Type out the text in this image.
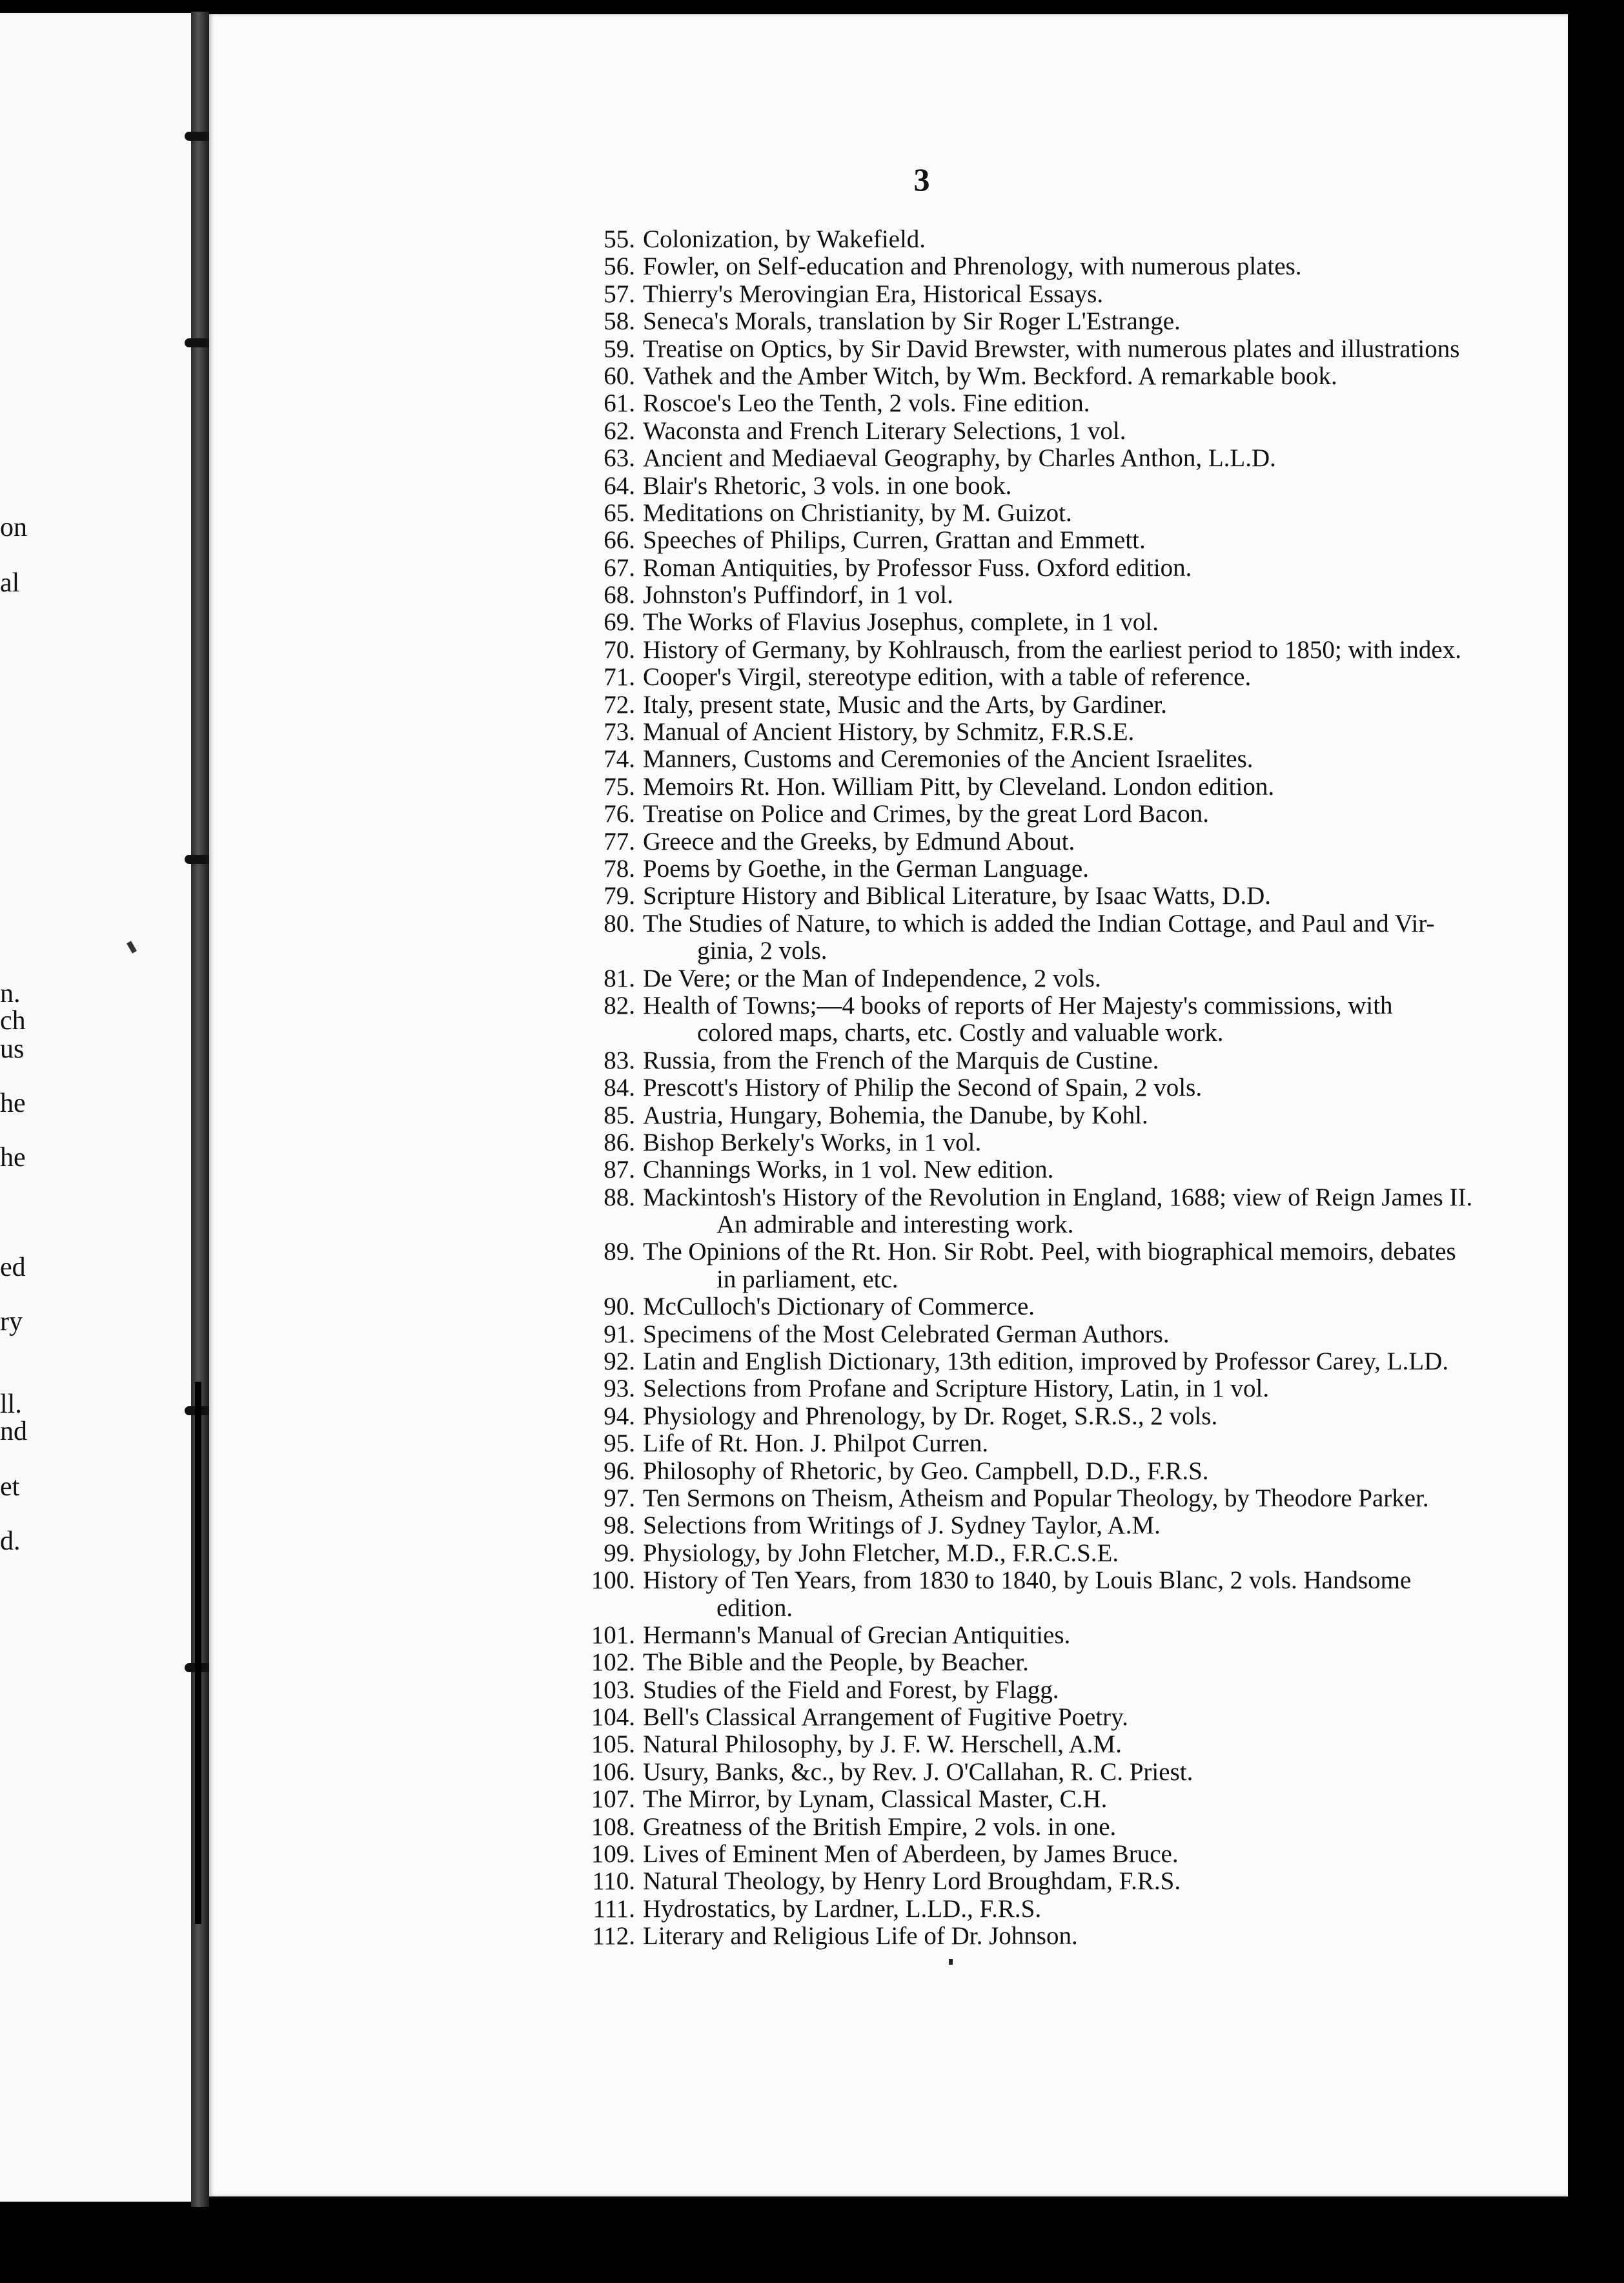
on
al
n.
ch
us
he
he
ed
ry
ll.
nd
et
d.
3
55. Colonization, by Wakefield.
56. Fowler, on Self-education and Phrenology, with numerous plates.
57. Thierry's Merovingian Era, Historical Essays.
58. Seneca's Morals, translation by Sir Roger L'Estrange.
59. Treatise on Optics, by Sir David Brewster, with numerous plates and illustrations
60. Vathek and the Amber Witch, by Wm. Beckford. A remarkable book.
61. Roscoe's Leo the Tenth, 2 vols. Fine edition.
62. Waconsta and French Literary Selections, 1 vol.
63. Ancient and Mediaeval Geography, by Charles Anthon, L.L.D.
64. Blair's Rhetoric, 3 vols. in one book.
65. Meditations on Christianity, by M. Guizot.
66. Speeches of Philips, Curren, Grattan and Emmett.
67. Roman Antiquities, by Professor Fuss. Oxford edition.
68. Johnston's Puffindorf, in 1 vol.
69. The Works of Flavius Josephus, complete, in 1 vol.
70. History of Germany, by Kohlrausch, from the earliest period to 1850; with index.
71. Cooper's Virgil, stereotype edition, with a table of reference.
72. Italy, present state, Music and the Arts, by Gardiner.
73. Manual of Ancient History, by Schmitz, F.R.S.E.
74. Manners, Customs and Ceremonies of the Ancient Israelites.
75. Memoirs Rt. Hon. William Pitt, by Cleveland. London edition.
76. Treatise on Police and Crimes, by the great Lord Bacon.
77. Greece and the Greeks, by Edmund About.
78. Poems by Goethe, in the German Language.
79. Scripture History and Biblical Literature, by Isaac Watts, D.D.
80. The Studies of Nature, to which is added the Indian Cottage, and Paul and Vir-
ginia, 2 vols.
81. De Vere; or the Man of Independence, 2 vols.
82. Health of Towns;—4 books of reports of Her Majesty's commissions, with
colored maps, charts, etc. Costly and valuable work.
83. Russia, from the French of the Marquis de Custine.
84. Prescott's History of Philip the Second of Spain, 2 vols.
85. Austria, Hungary, Bohemia, the Danube, by Kohl.
86. Bishop Berkely's Works, in 1 vol.
87. Channings Works, in 1 vol. New edition.
88. Mackintosh's History of the Revolution in England, 1688; view of Reign James II.
An admirable and interesting work.
89. The Opinions of the Rt. Hon. Sir Robt. Peel, with biographical memoirs, debates
in parliament, etc.
90. McCulloch's Dictionary of Commerce.
91. Specimens of the Most Celebrated German Authors.
92. Latin and English Dictionary, 13th edition, improved by Professor Carey, L.LD.
93. Selections from Profane and Scripture History, Latin, in 1 vol.
94. Physiology and Phrenology, by Dr. Roget, S.R.S., 2 vols.
95. Life of Rt. Hon. J. Philpot Curren.
96. Philosophy of Rhetoric, by Geo. Campbell, D.D., F.R.S.
97. Ten Sermons on Theism, Atheism and Popular Theology, by Theodore Parker.
98. Selections from Writings of J. Sydney Taylor, A.M.
99. Physiology, by John Fletcher, M.D., F.R.C.S.E.
100. History of Ten Years, from 1830 to 1840, by Louis Blanc, 2 vols. Handsome
edition.
101. Hermann's Manual of Grecian Antiquities.
102. The Bible and the People, by Beacher.
103. Studies of the Field and Forest, by Flagg.
104. Bell's Classical Arrangement of Fugitive Poetry.
105. Natural Philosophy, by J. F. W. Herschell, A.M.
106. Usury, Banks, &c., by Rev. J. O'Callahan, R. C. Priest.
107. The Mirror, by Lynam, Classical Master, C.H.
108. Greatness of the British Empire, 2 vols. in one.
109. Lives of Eminent Men of Aberdeen, by James Bruce.
110. Natural Theology, by Henry Lord Broughdam, F.R.S.
111. Hydrostatics, by Lardner, L.LD., F.R.S.
112. Literary and Religious Life of Dr. Johnson.
